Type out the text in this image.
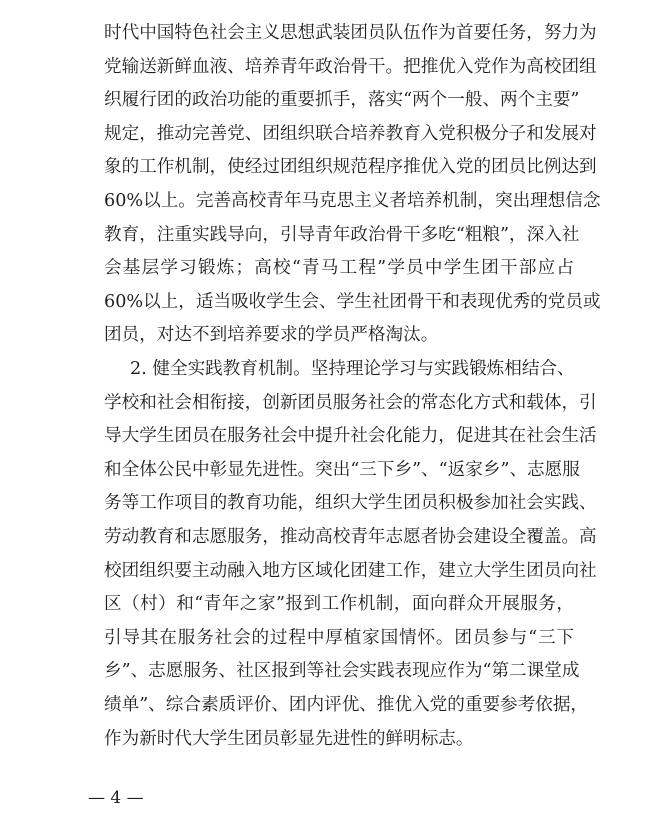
时代中国特色社会主义思想武装团员队伍作为首要任务，努力为
党输送新鲜血液、培养青年政治骨干。把推优入党作为高校团组
织履行团的政治功能的重要抓手，落实“两个一般、两个主要”
规定，推动完善党、团组织联合培养教育入党积极分子和发展对
象的工作机制，使经过团组织规范程序推优入党的团员比例达到
60%以上。完善高校青年马克思主义者培养机制，突出理想信念
教育，注重实践导向，引导青年政治骨干多吃“粗粮”，深入社
会基层学习锻炼；高校“青马工程”学员中学生团干部应占
60%以上，适当吸收学生会、学生社团骨干和表现优秀的党员或
团员，对达不到培养要求的学员严格淘汰。
2. 健全实践教育机制。坚持理论学习与实践锻炼相结合、
学校和社会相衔接，创新团员服务社会的常态化方式和载体，引
导大学生团员在服务社会中提升社会化能力，促进其在社会生活
和全体公民中彰显先进性。突出“三下乡”、“返家乡”、志愿服
务等工作项目的教育功能，组织大学生团员积极参加社会实践、
劳动教育和志愿服务，推动高校青年志愿者协会建设全覆盖。高
校团组织要主动融入地方区域化团建工作，建立大学生团员向社
区（村）和“青年之家”报到工作机制，面向群众开展服务，
引导其在服务社会的过程中厚植家国情怀。团员参与“三下
乡”、志愿服务、社区报到等社会实践表现应作为“第二课堂成
绩单”、综合素质评价、团内评优、推优入党的重要参考依据，
作为新时代大学生团员彰显先进性的鲜明标志。
— 4 —
